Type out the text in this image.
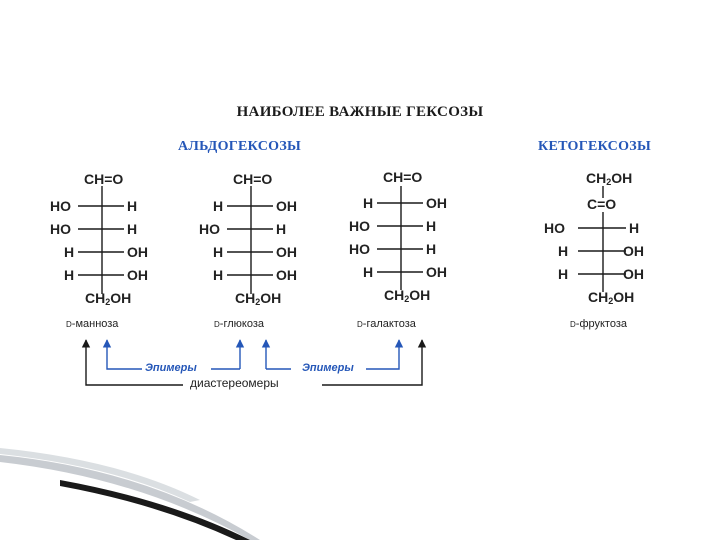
НАИБОЛЕЕ ВАЖНЫЕ ГЕКСОЗЫ
АЛЬДОГЕКСОЗЫ	КЕТОГЕКСОЗЫ
CH=O
HO	H
HO	H
H	OH
H	OH
$CH_2OH$
D-манноза
CH=O
H	OH
HO	H
H	OH
H	OH
$CH_2OH$
D-глюкоза
CH=O
H	OH
HO	H
HO	H
H	OH
$CH_2OH$
D-галактоза
$CH_2OH$
C=O
HO	H
H	OH
H	OH
$CH_2OH$
D-фруктоза
Эпимеры	Эпимеры
диастереомеры
